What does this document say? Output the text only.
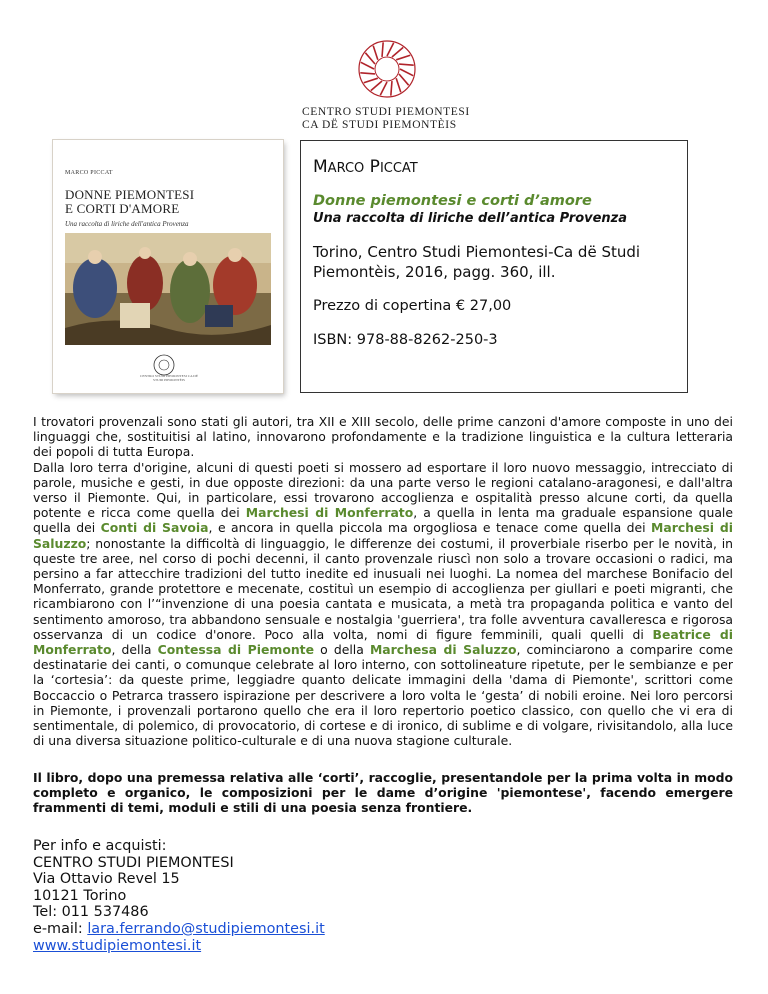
CENTRO STUDI PIEMONTESI
CA DË STUDI PIEMONTÈIS
MARCO PICCAT
DONNE PIEMONTESI
E CORTI D'AMORE
Una raccolta di liriche dell'antica Provenza
CENTRO STUDI PIEMONTESI CA DË STUDI PIEMONTÈIS
MARCO PICCAT
Donne piemontesi e corti d’amore
Una raccolta di liriche dell’antica Provenza
Torino, Centro Studi Piemontesi-Ca dë Studi Piemontèis, 2016, pagg. 360, ill.
Prezzo di copertina € 27,00
ISBN: 978-88-8262-250-3

I trovatori provenzali sono stati gli autori, tra XII e XIII secolo, delle prime canzoni d'amore composte in uno dei linguaggi che, sostituitisi al latino, innovarono profondamente e la tradizione linguistica e la cultura letteraria dei popoli di tutta Europa.

Dalla loro terra d'origine, alcuni di questi poeti si mossero ad esportare il loro nuovo messaggio, intrecciato di parole, musiche e gesti, in due opposte direzioni: da una parte verso le regioni catalano-aragonesi, e dall'altra verso il Piemonte. Qui, in particolare, essi trovarono accoglienza e ospitalità presso alcune corti, da quella potente e ricca come quella dei Marchesi di Monferrato, a quella in lenta ma graduale espansione quale quella dei Conti di Savoia, e ancora in quella piccola ma orgogliosa e tenace come quella dei Marchesi di Saluzzo; nonostante la difficoltà di linguaggio, le differenze dei costumi, il proverbiale riserbo per le novità, in queste tre aree, nel corso di pochi decenni, il canto provenzale riuscì non solo a trovare occasioni o radici, ma persino a far attecchire tradizioni del tutto inedite ed inusuali nei luoghi. La nomea del marchese Bonifacio del Monferrato, grande protettore e mecenate, costituì un esempio di accoglienza per giullari e poeti migranti, che ricambiarono con l’“invenzione di una poesia cantata e musicata, a metà tra propaganda politica e vanto del sentimento amoroso, tra abbandono sensuale e nostalgia 'guerriera', tra folle avventura cavalleresca e rigorosa osservanza di un codice d'onore. Poco alla volta, nomi di figure femminili, quali quelli di Beatrice di Monferrato, della Contessa di Piemonte o della Marchesa di Saluzzo, cominciarono a comparire come destinatarie dei canti, o comunque celebrate al loro interno, con sottolineature ripetute, per le sembianze e per la ‘cortesia’: da queste prime, leggiadre quanto delicate immagini della 'dama di Piemonte', scrittori come Boccaccio o Petrarca trassero ispirazione per descrivere a loro volta le ‘gesta’ di nobili eroine. Nei loro percorsi in Piemonte, i provenzali portarono quello che era il loro repertorio poetico classico, con quello che vi era di sentimentale, di polemico, di provocatorio, di cortese e di ironico, di sublime e di volgare, rivisitandolo, alla luce di una diversa situazione politico-culturale e di una nuova stagione culturale.

Il libro, dopo una premessa relativa alle ‘corti’, raccoglie, presentandole per la prima volta in modo completo e organico, le composizioni per le dame d’origine 'piemontese', facendo emergere frammenti di temi, moduli e stili di una poesia senza frontiere.
Per info e acquisti:
CENTRO STUDI PIEMONTESI
Via Ottavio Revel 15
10121 Torino
Tel: 011 537486
e-mail: lara.ferrando@studipiemontesi.it
www.studipiemontesi.it
